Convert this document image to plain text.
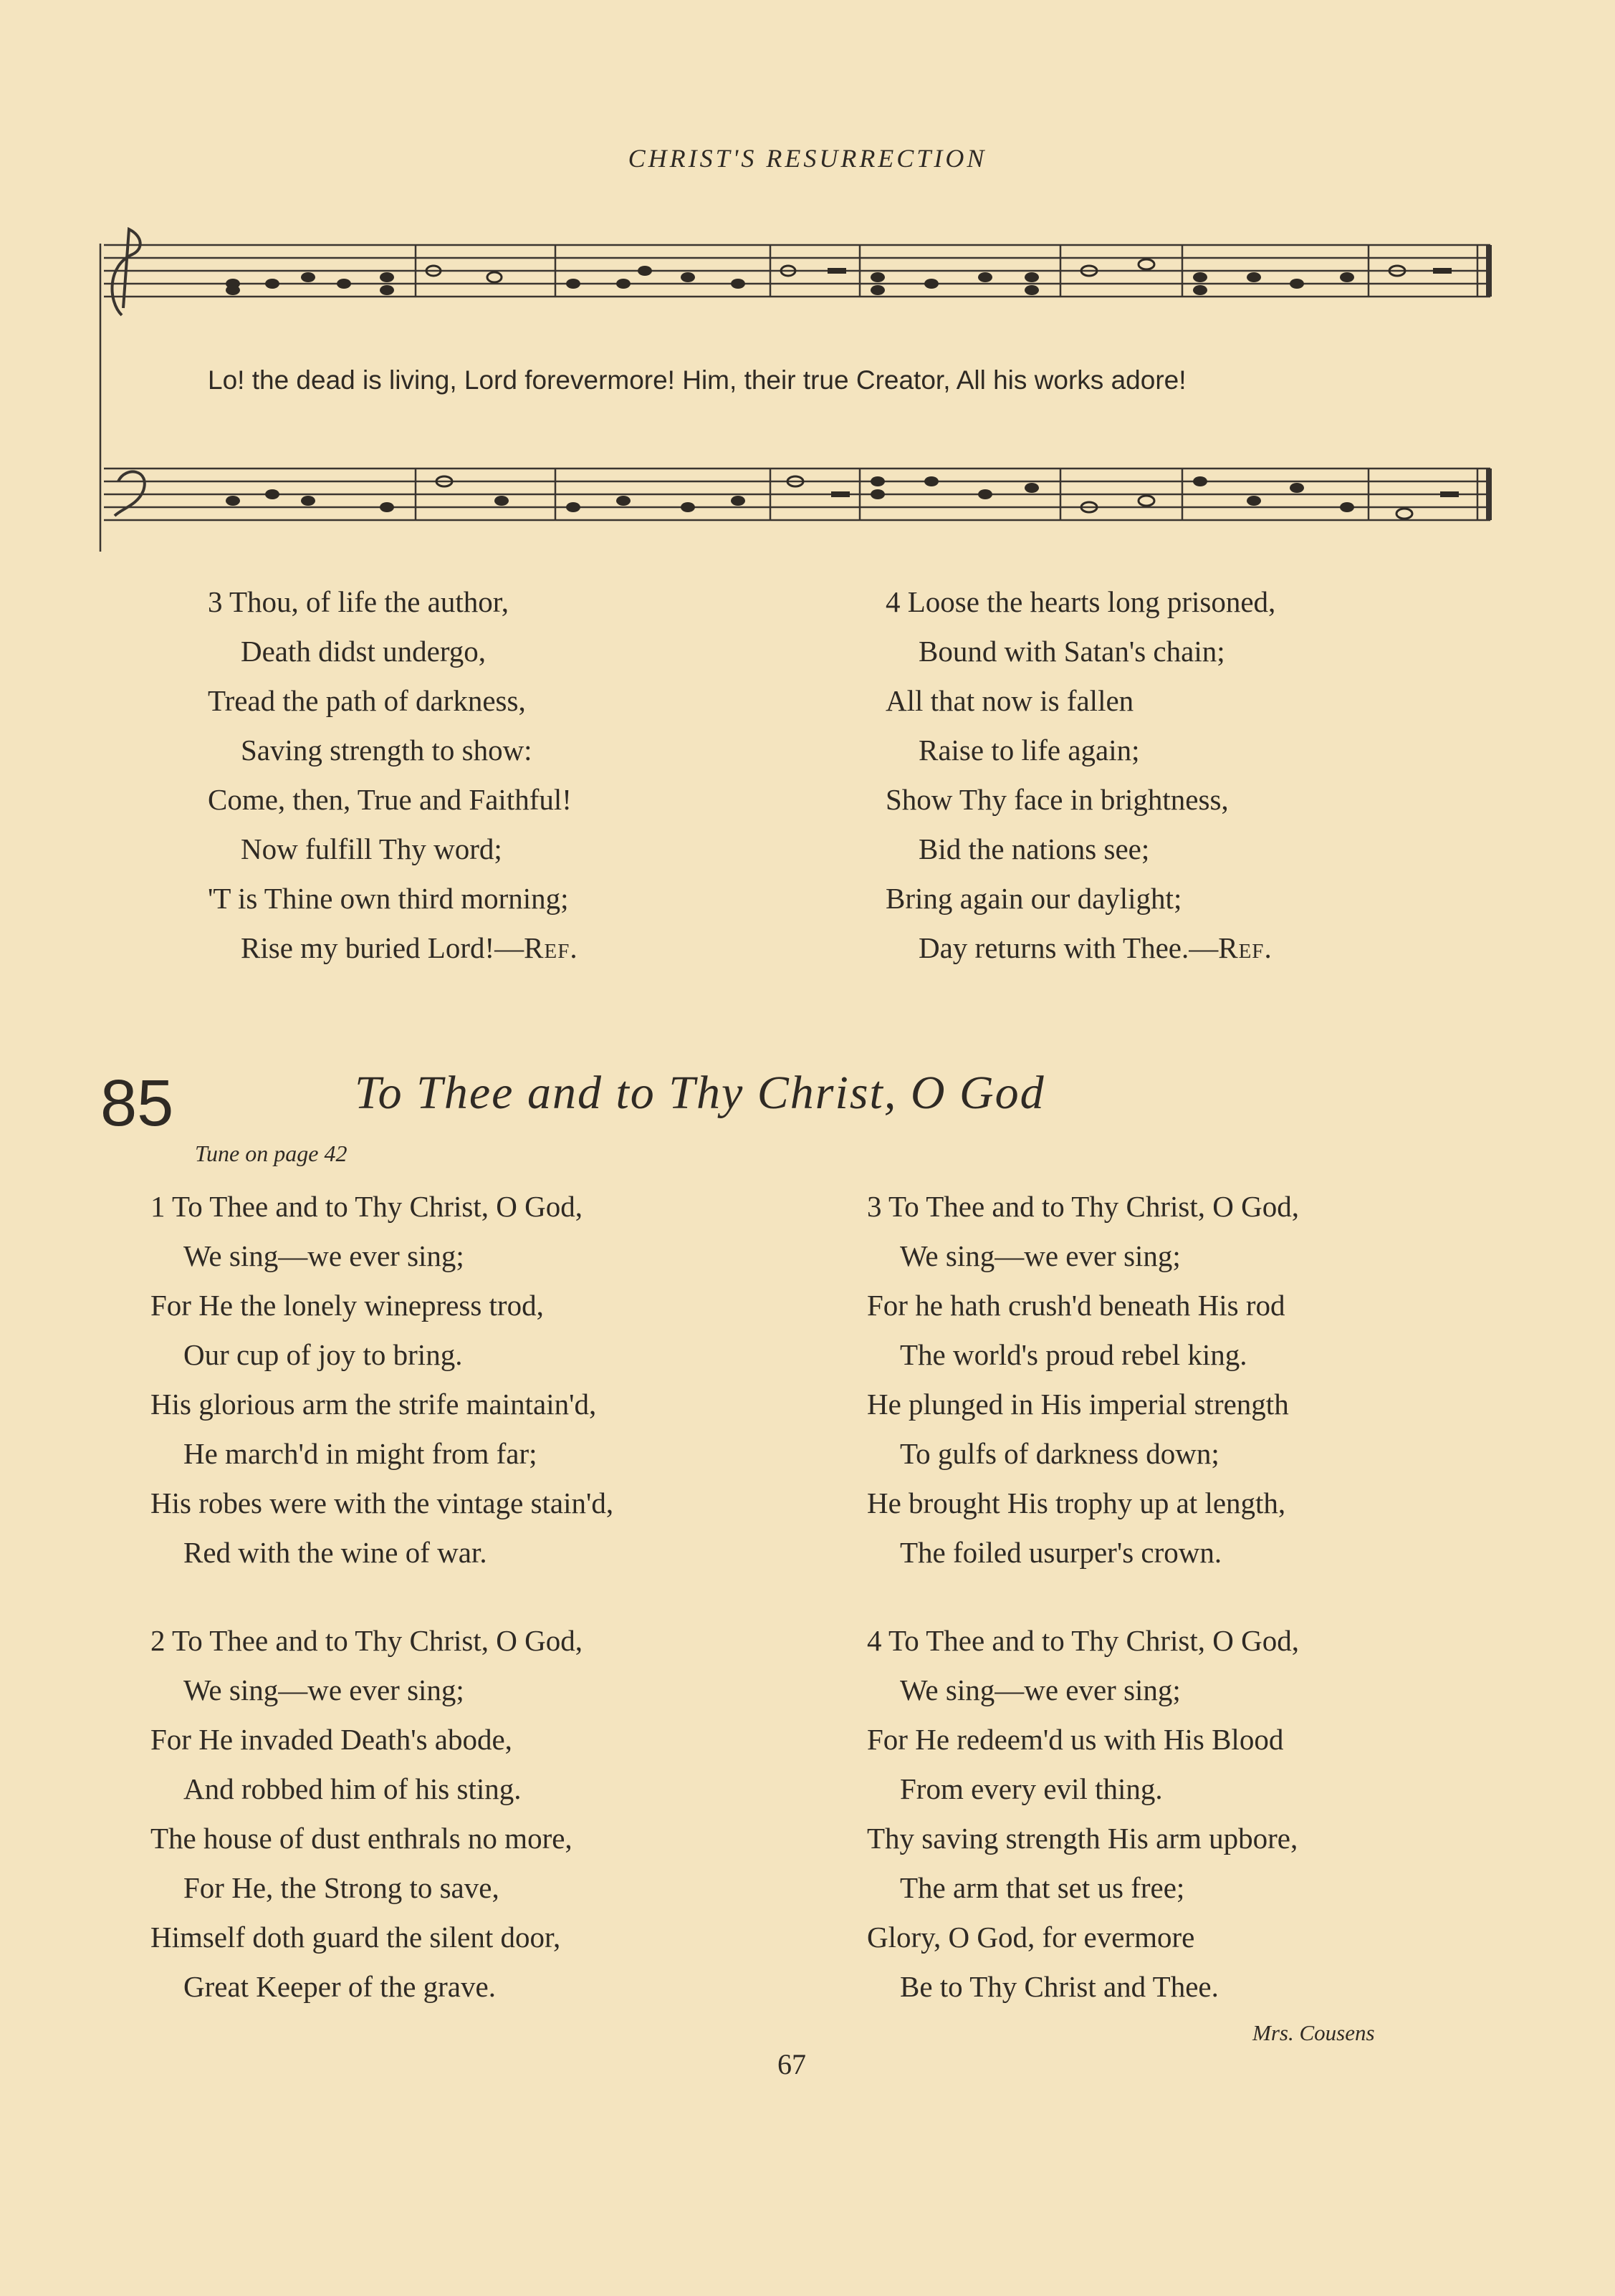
CHRIST'S RESURRECTION
Lo! the dead is living, Lord forevermore! Him, their true Creator, All his works adore!
3 Thou, of life the author,
Death didst undergo,
Tread the path of darkness,
Saving strength to show:
Come, then, True and Faithful!
Now fulfill Thy word;
'T is Thine own third morning;
Rise my buried Lord!—Ref.
4 Loose the hearts long prisoned,
Bound with Satan's chain;
All that now is fallen
Raise to life again;
Show Thy face in brightness,
Bid the nations see;
Bring again our daylight;
Day returns with Thee.—Ref.
85	To Thee and to Thy Christ, O God
Tune on page 42
1 To Thee and to Thy Christ, O God,
We sing—we ever sing;
For He the lonely winepress trod,
Our cup of joy to bring.
His glorious arm the strife maintain'd,
He march'd in might from far;
His robes were with the vintage stain'd,
Red with the wine of war.
3 To Thee and to Thy Christ, O God,
We sing—we ever sing;
For he hath crush'd beneath His rod
The world's proud rebel king.
He plunged in His imperial strength
To gulfs of darkness down;
He brought His trophy up at length,
The foiled usurper's crown.
2 To Thee and to Thy Christ, O God,
We sing—we ever sing;
For He invaded Death's abode,
And robbed him of his sting.
The house of dust enthrals no more,
For He, the Strong to save,
Himself doth guard the silent door,
Great Keeper of the grave.
4 To Thee and to Thy Christ, O God,
We sing—we ever sing;
For He redeem'd us with His Blood
From every evil thing.
Thy saving strength His arm upbore,
The arm that set us free;
Glory, O God, for evermore
Be to Thy Christ and Thee.
Mrs. Cousens
67
